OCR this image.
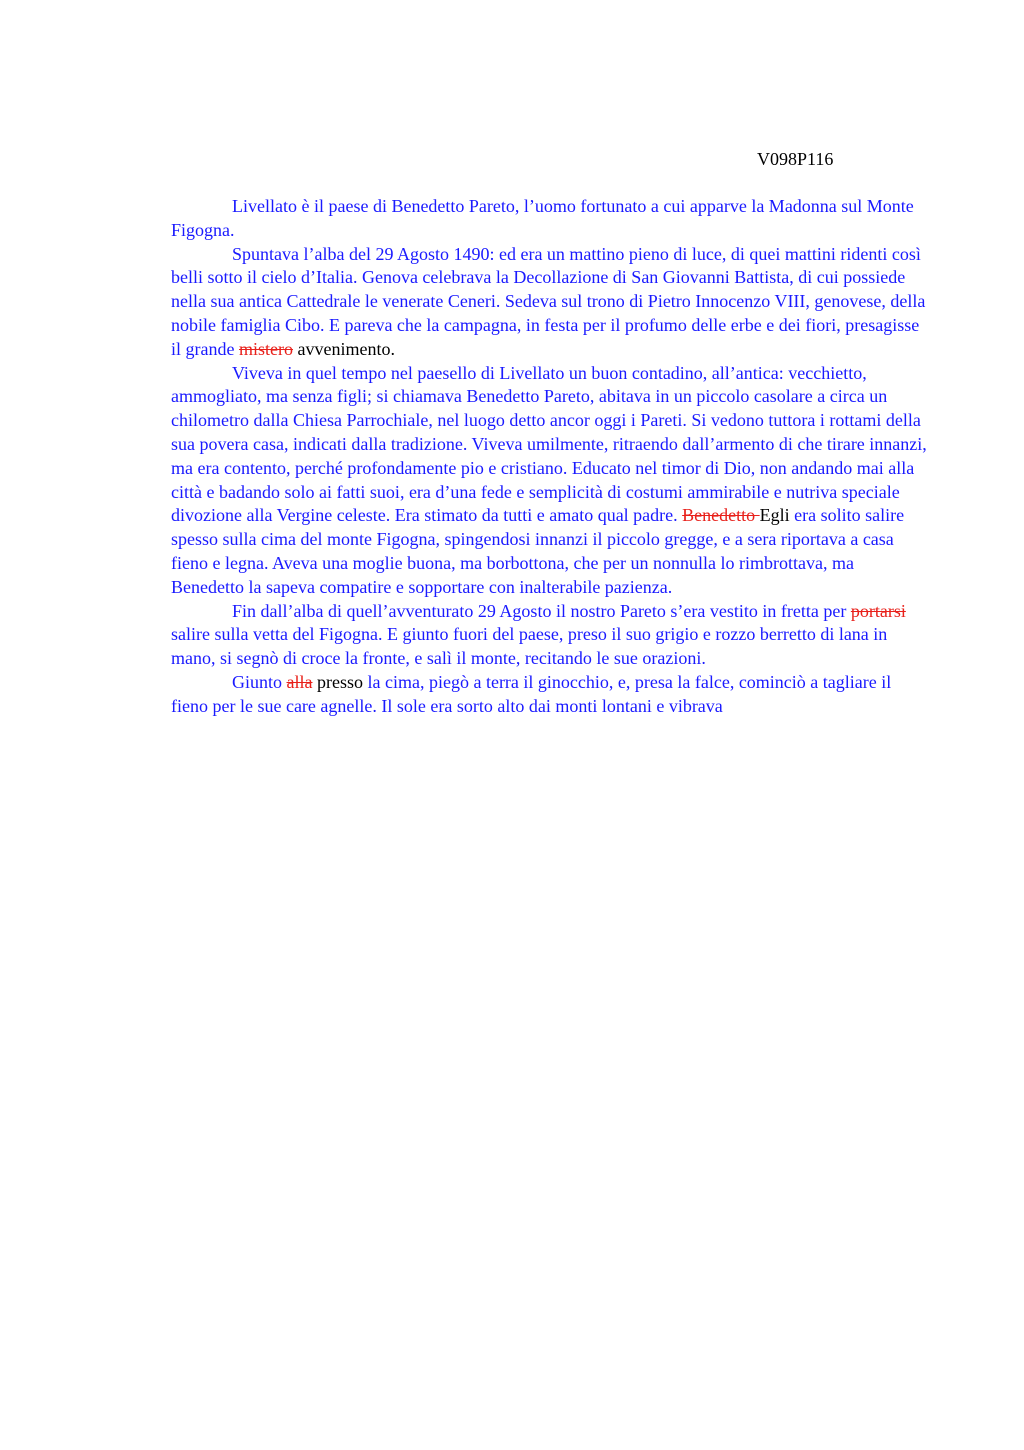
V098P116

Livellato è il paese di Benedetto Pareto, l’uomo fortunato a cui apparve la Madonna sul Monte Figogna.

Spuntava l’alba del 29 Agosto 1490: ed era un mattino pieno di luce, di quei mattini ridenti così belli sotto il cielo d’Italia. Genova celebrava la Decollazione di San Giovanni Battista, di cui possiede nella sua antica Cattedrale le venerate Ceneri. Sedeva sul trono di Pietro Innocenzo VIII, genovese, della nobile famiglia Cibo. E pareva che la campagna, in festa per il profumo delle erbe e dei fiori, presagisse il grande mistero avvenimento.

Viveva in quel tempo nel paesello di Livellato un buon contadino, all’antica: vecchietto, ammogliato, ma senza figli; si chiamava Benedetto Pareto, abitava in un piccolo casolare a circa un chilometro dalla Chiesa Parrochiale, nel luogo detto ancor oggi i Pareti. Si vedono tuttora i rottami della sua povera casa, indicati dalla tradizione. Viveva umilmente, ritraendo dall’armento di che tirare innanzi, ma era contento, perché profondamente pio e cristiano. Educato nel timor di Dio, non andando mai alla città e badando solo ai fatti suoi, era d’una fede e semplicità di costumi ammirabile e nutriva speciale divozione alla Vergine celeste. Era stimato da tutti e amato qual padre. Benedetto Egli era solito salire spesso sulla cima del monte Figogna, spingendosi innanzi il piccolo gregge, e a sera riportava a casa fieno e legna. Aveva una moglie buona, ma borbottona, che per un nonnulla lo rimbrottava, ma Benedetto la sapeva compatire e sopportare con inalterabile pazienza.

Fin dall’alba di quell’avventurato 29 Agosto il nostro Pareto s’era vestito in fretta per portarsi salire sulla vetta del Figogna. E giunto fuori del paese, preso il suo grigio e rozzo berretto di lana in mano, si segnò di croce la fronte, e salì il monte, recitando le sue orazioni.

Giunto alla presso la cima, piegò a terra il ginocchio, e, presa la falce, cominciò a tagliare il fieno per le sue care agnelle. Il sole era sorto alto dai monti lontani e vibrava
